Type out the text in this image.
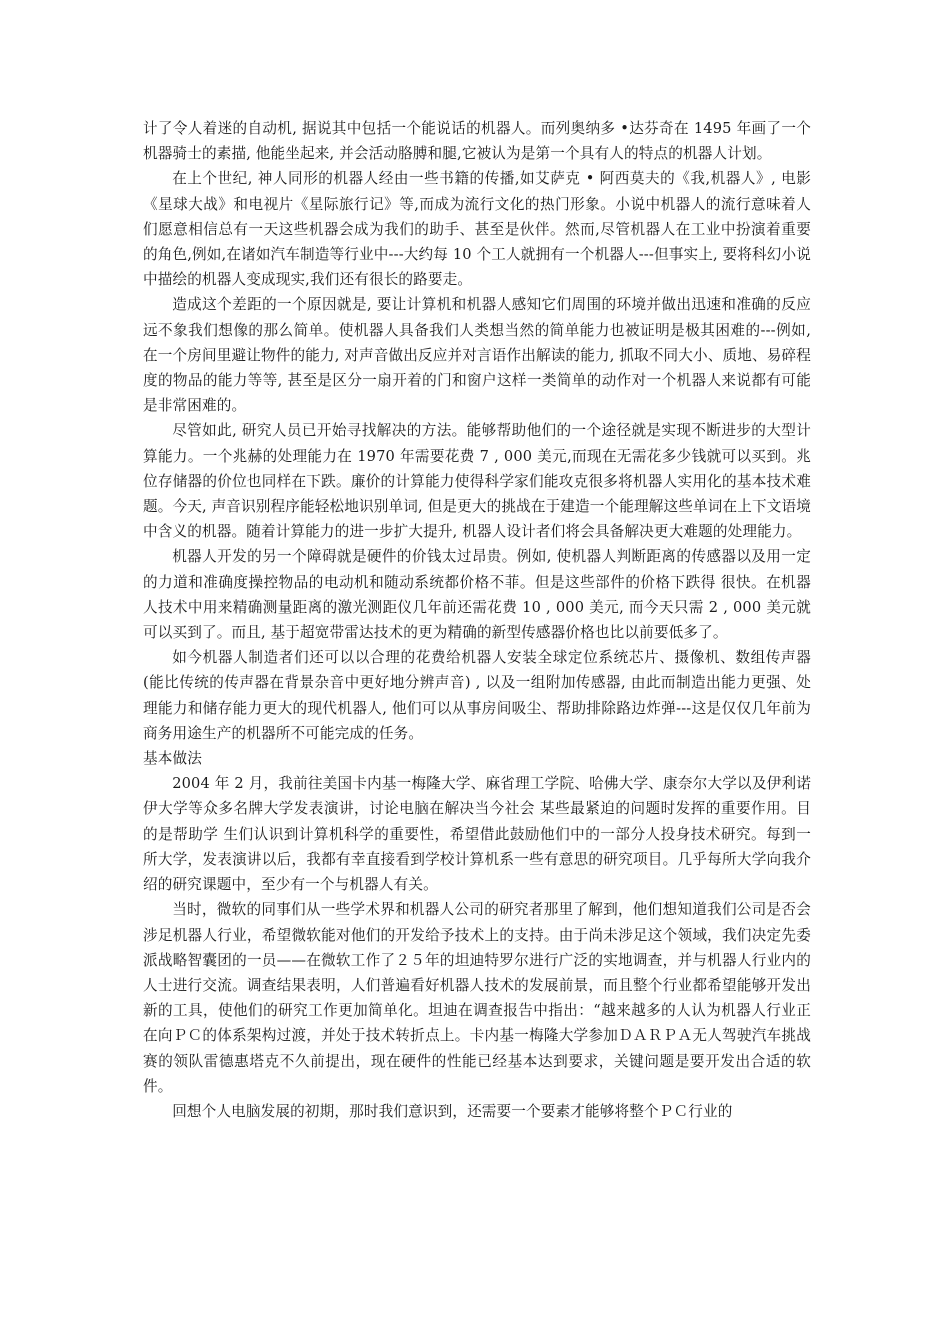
计了令人着迷的自动机, 据说其中包括一个能说话的机器人。而列奥纳多 •达芬奇在 1495 年画了一个机器骑士的素描, 他能坐起来, 并会活动胳膊和腿,它被认为是第一个具有人的特点的机器人计划。

在上个世纪, 神人同形的机器人经由一些书籍的传播,如艾萨克 • 阿西莫夫的《我,机器人》, 电影《星球大战》和电视片《星际旅行记》等,而成为流行文化的热门形象。小说中机器人的流行意味着人们愿意相信总有一天这些机器会成为我们的助手、甚至是伙伴。然而,尽管机器人在工业中扮演着重要的角色,例如,在诸如汽车制造等行业中---大约每 10 个工人就拥有一个机器人---但事实上, 要将科幻小说中描绘的机器人变成现实,我们还有很长的路要走。

造成这个差距的一个原因就是, 要让计算机和机器人感知它们周围的环境并做出迅速和准确的反应远不象我们想像的那么简单。使机器人具备我们人类想当然的简单能力也被证明是极其困难的---例如, 在一个房间里避让物件的能力, 对声音做出反应并对言语作出解读的能力, 抓取不同大小、质地、易碎程度的物品的能力等等, 甚至是区分一扇开着的门和窗户这样一类简单的动作对一个机器人来说都有可能是非常困难的。

尽管如此, 研究人员已开始寻找解决的方法。能够帮助他们的一个途径就是实现不断进步的大型计算能力。一个兆赫的处理能力在 1970 年需要花费 7 , 000 美元,而现在无需花多少钱就可以买到。兆位存储器的价位也同样在下跌。廉价的计算能力使得科学家们能攻克很多将机器人实用化的基本技术难题。今天, 声音识别程序能轻松地识别单词, 但是更大的挑战在于建造一个能理解这些单词在上下文语境中含义的机器。随着计算能力的进一步扩大提升, 机器人设计者们将会具备解决更大难题的处理能力。

机器人开发的另一个障碍就是硬件的价钱太过昂贵。例如, 使机器人判断距离的传感器以及用一定的力道和准确度操控物品的电动机和随动系统都价格不菲。但是这些部件的价格下跌得 很快。在机器人技术中用来精确测量距离的激光测距仪几年前还需花费 10 , 000 美元, 而今天只需 2 , 000 美元就可以买到了。而且, 基于超宽带雷达技术的更为精确的新型传感器价格也比以前要低多了。

如今机器人制造者们还可以以合理的花费给机器人安装全球定位系统芯片、摄像机、数组传声器(能比传统的传声器在背景杂音中更好地分辨声音) , 以及一组附加传感器, 由此而制造出能力更强、处理能力和储存能力更大的现代机器人, 他们可以从事房间吸尘、帮助排除路边炸弹---这是仅仅几年前为商务用途生产的机器所不可能完成的任务。

基本做法

2004 年 2 月，我前往美国卡内基一梅隆大学、麻省理工学院、哈佛大学、康奈尔大学以及伊利诺伊大学等众多名牌大学发表演讲，讨论电脑在解决当今社会 某些最紧迫的问题时发挥的重要作用。目的是帮助学 生们认识到计算机科学的重要性，希望借此鼓励他们中的一部分人投身技术研究。每到一所大学，发表演讲以后，我都有幸直接看到学校计算机系一些有意思的研究项目。几乎每所大学向我介绍的研究课题中，至少有一个与机器人有关。

当时，微软的同事们从一些学术界和机器人公司的研究者那里了解到，他们想知道我们公司是否会涉足机器人行业，希望微软能对他们的开发给予技术上的支持。由于尚未涉足这个领域，我们决定先委派战略智囊团的一员——在微软工作了２５年的坦迪特罗尔进行广泛的实地调查，并与机器人行业内的人士进行交流。调查结果表明，人们普遍看好机器人技术的发展前景，而且整个行业都希望能够开发出新的工具，使他们的研究工作更加简单化。坦迪在调查报告中指出：“越来越多的人认为机器人行业正在向ＰＣ的体系架构过渡，并处于技术转折点上。卡内基一梅隆大学参加ＤＡＲＰＡ无人驾驶汽车挑战赛的领队雷德惠塔克不久前提出，现在硬件的性能已经基本达到要求，关键问题是要开发出合适的软件。

回想个人电脑发展的初期，那时我们意识到，还需要一个要素才能够将整个ＰＣ行业的
